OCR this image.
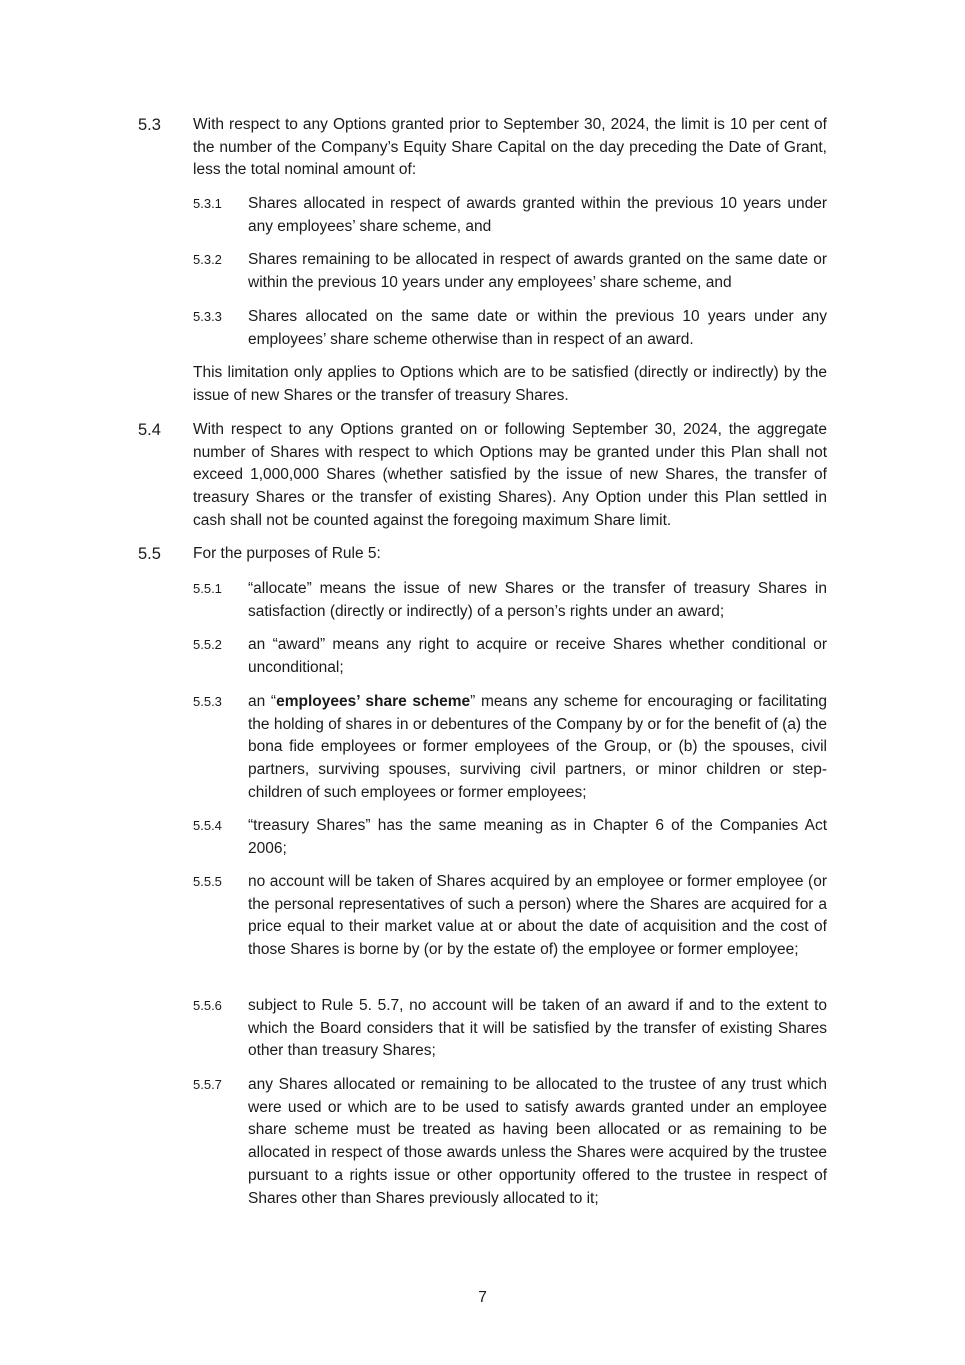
5.3 With respect to any Options granted prior to September 30, 2024, the limit is 10 per cent of the number of the Company’s Equity Share Capital on the day preceding the Date of Grant, less the total nominal amount of:
5.3.1 Shares allocated in respect of awards granted within the previous 10 years under any employees’ share scheme, and
5.3.2 Shares remaining to be allocated in respect of awards granted on the same date or within the previous 10 years under any employees’ share scheme, and
5.3.3 Shares allocated on the same date or within the previous 10 years under any employees’ share scheme otherwise than in respect of an award.
This limitation only applies to Options which are to be satisfied (directly or indirectly) by the issue of new Shares or the transfer of treasury Shares.
5.4 With respect to any Options granted on or following September 30, 2024, the aggregate number of Shares with respect to which Options may be granted under this Plan shall not exceed 1,000,000 Shares (whether satisfied by the issue of new Shares, the transfer of treasury Shares or the transfer of existing Shares). Any Option under this Plan settled in cash shall not be counted against the foregoing maximum Share limit.
5.5 For the purposes of Rule 5:
5.5.1 “allocate” means the issue of new Shares or the transfer of treasury Shares in satisfaction (directly or indirectly) of a person’s rights under an award;
5.5.2 an “award” means any right to acquire or receive Shares whether conditional or unconditional;
5.5.3 an “employees’ share scheme” means any scheme for encouraging or facilitating the holding of shares in or debentures of the Company by or for the benefit of (a) the bona fide employees or former employees of the Group, or (b) the spouses, civil partners, surviving spouses, surviving civil partners, or minor children or step-children of such employees or former employees;
5.5.4 “treasury Shares” has the same meaning as in Chapter 6 of the Companies Act 2006;
5.5.5 no account will be taken of Shares acquired by an employee or former employee (or the personal representatives of such a person) where the Shares are acquired for a price equal to their market value at or about the date of acquisition and the cost of those Shares is borne by (or by the estate of) the employee or former employee;
5.5.6 subject to Rule 5. 5.7, no account will be taken of an award if and to the extent to which the Board considers that it will be satisfied by the transfer of existing Shares other than treasury Shares;
5.5.7 any Shares allocated or remaining to be allocated to the trustee of any trust which were used or which are to be used to satisfy awards granted under an employee share scheme must be treated as having been allocated or as remaining to be allocated in respect of those awards unless the Shares were acquired by the trustee pursuant to a rights issue or other opportunity offered to the trustee in respect of Shares other than Shares previously allocated to it;
7
